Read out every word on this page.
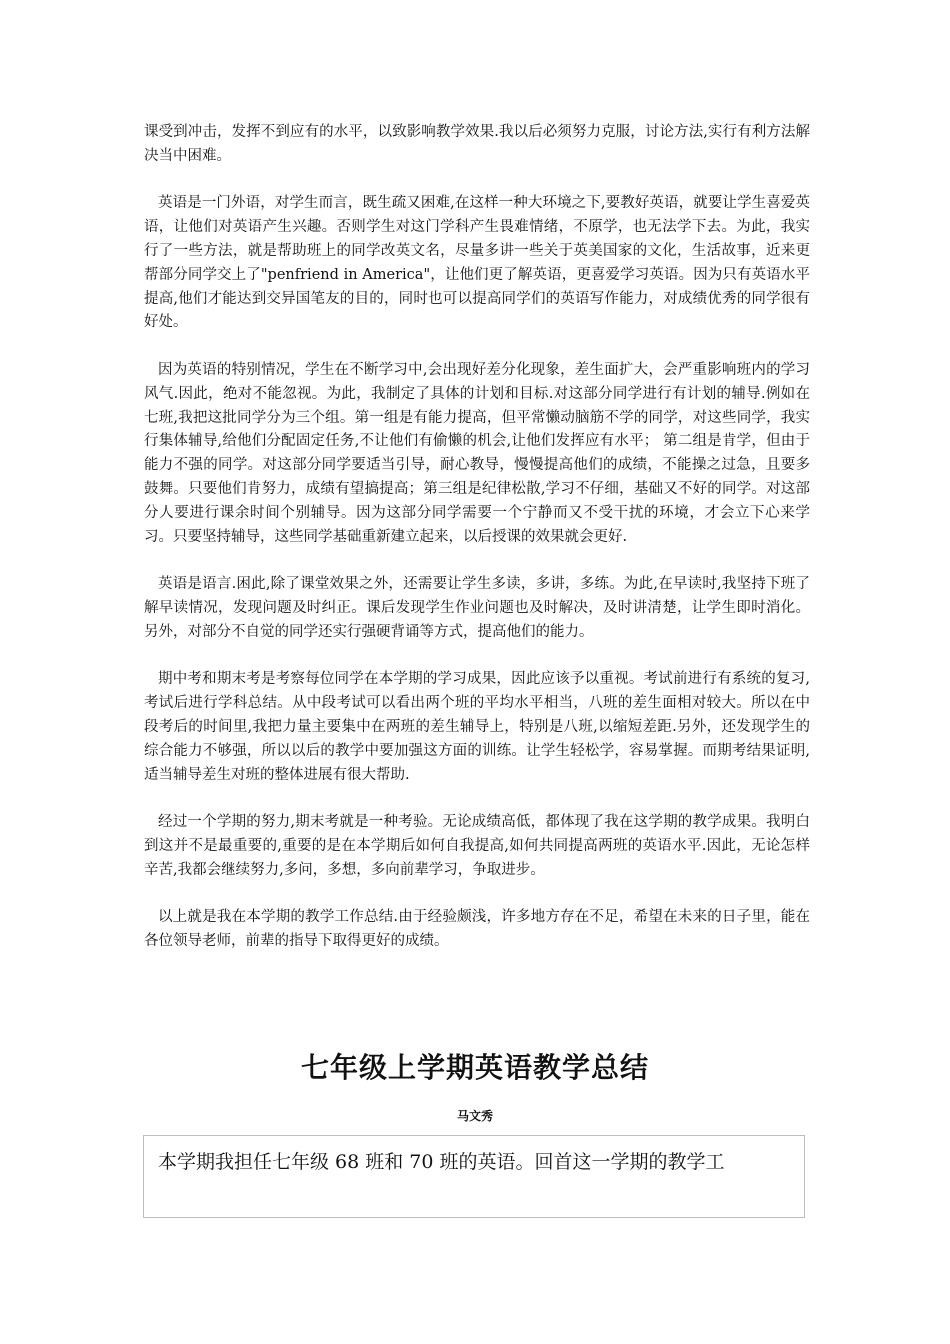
课受到冲击，发挥不到应有的水平，以致影响教学效果.我以后必须努力克服，讨论方法,实行有利方法解决当中困难。

英语是一门外语，对学生而言，既生疏又困难,在这样一种大环境之下,要教好英语，就要让学生喜爱英语，让他们对英语产生兴趣。否则学生对这门学科产生畏难情绪，不原学，也无法学下去。为此，我实行了一些方法，就是帮助班上的同学改英文名，尽量多讲一些关于英美国家的文化，生活故事，近来更帮部分同学交上了"penfriend in America"，让他们更了解英语，更喜爱学习英语。因为只有英语水平提高,他们才能达到交异国笔友的目的，同时也可以提高同学们的英语写作能力，对成绩优秀的同学很有好处。

因为英语的特别情况，学生在不断学习中,会出现好差分化现象，差生面扩大，会严重影响班内的学习风气.因此，绝对不能忽视。为此，我制定了具体的计划和目标.对这部分同学进行有计划的辅导.例如在七班,我把这批同学分为三个组。第一组是有能力提高，但平常懒动脑筋不学的同学，对这些同学，我实行集体辅导,给他们分配固定任务,不让他们有偷懒的机会,让他们发挥应有水平； 第二组是肯学，但由于能力不强的同学。对这部分同学要适当引导，耐心教导，慢慢提高他们的成绩，不能操之过急，且要多鼓舞。只要他们肯努力，成绩有望搞提高；第三组是纪律松散,学习不仔细，基础又不好的同学。对这部分人要进行课余时间个别辅导。因为这部分同学需要一个宁静而又不受干扰的环境，才会立下心来学习。只要坚持辅导，这些同学基础重新建立起来，以后授课的效果就会更好.

英语是语言.困此,除了课堂效果之外，还需要让学生多读，多讲，多练。为此,在早读时,我坚持下班了解早读情况，发现问题及时纠正。课后发现学生作业问题也及时解决，及时讲清楚，让学生即时消化。另外，对部分不自觉的同学还实行强硬背诵等方式，提高他们的能力。

期中考和期末考是考察每位同学在本学期的学习成果，因此应该予以重视。考试前进行有系统的复习,考试后进行学科总结。从中段考试可以看出两个班的平均水平相当，八班的差生面相对较大。所以在中段考后的时间里,我把力量主要集中在两班的差生辅导上，特别是八班,以缩短差距.另外，还发现学生的综合能力不够强，所以以后的教学中要加强这方面的训练。让学生轻松学，容易掌握。而期考结果证明,适当辅导差生对班的整体进展有很大帮助.

经过一个学期的努力,期末考就是一种考验。无论成绩高低，都体现了我在这学期的教学成果。我明白到这并不是最重要的,重要的是在本学期后如何自我提高,如何共同提高两班的英语水平.因此，无论怎样辛苦,我都会继续努力,多问，多想，多向前辈学习，争取进步。

以上就是我在本学期的教学工作总结.由于经验颇浅，许多地方存在不足，希望在未来的日子里，能在各位领导老师，前辈的指导下取得更好的成绩。

七年级上学期英语教学总结
马文秀
本学期我担任七年级 68 班和 70 班的英语。回首这一学期的教学工
